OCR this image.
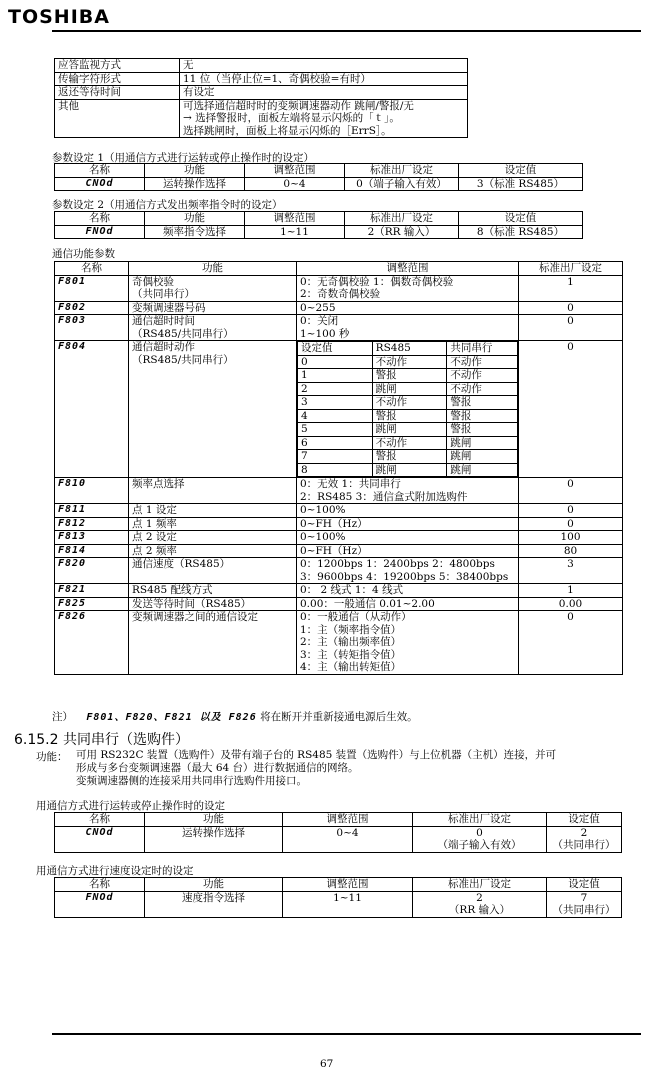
TOSHIBA
应答监视方式	无
传输字符形式	11 位（当停止位=1、奇偶校验=有时）
返还等待时间	有设定
其他	可选择通信超时时的变频调速器动作 跳闸/警报/无
→ 选择警报时，面板左端将显示闪烁的「ｔ」。
选择跳闸时，面板上将显示闪烁的［ErrS］。
参数设定 1（用通信方式进行运转或停止操作时的设定）
名称	功能	调整范围	标准出厂设定	设定值
CNOd	运转操作选择	0~4	0（端子输入有效）	3（标准 RS485）
参数设定 2（用通信方式发出频率指令时的设定）
名称	功能	调整范围	标准出厂设定	设定值
FNOd	频率指令选择	1~11	2（RR 输入）	8（标准 RS485）
通信功能参数
名称	功能	调整范围	标准出厂设定
F801	奇偶校验
（共同串行）	0：无奇偶校验 1：偶数奇偶校验
2：奇数奇偶校验	1
F802	变频调速器号码	0~255	0
F803	通信超时时间
（RS485/共同串行）	0：关闭
1~100 秒	0
F804	通信超时动作
（RS485/共同串行）	
设定值	RS485	共同串行
0	不动作	不动作
1	警报	不动作
2	跳闸	不动作
3	不动作	警报
4	警报	警报
5	跳闸	警报
6	不动作	跳闸
7	警报	跳闸
8	跳闸	跳闸
	0
F810	频率点选择	0：无效 1：共同串行
2：RS485 3：通信盒式附加选购件	0
F811	点 1 设定	0~100%	0
F812	点 1 频率	0~FH（Hz）	0
F813	点 2 设定	0~100%	100
F814	点 2 频率	0~FH（Hz）	80
F820	通信速度（RS485）	0：1200bps 1：2400bps 2：4800bps
3：9600bps 4：19200bps 5：38400bps	3
F821	RS485 配线方式	0： 2 线式 1：4 线式	1
F825	发送等待时间（RS485）	0.00：一般通信 0.01~2.00	0.00
F826	变频调速器之间的通信设定	0：一般通信（从动作）
1：主（频率指令值）
2：主（输出频率值）
3：主（转矩指令值）
4：主（输出转矩值）	0
注） F801、F820、F821 以及 F826 将在断开并重新接通电源后生效。
6.15.2 共同串行（选购件）
功能： 可用 RS232C 装置（选购件）及带有端子台的 RS485 装置（选购件）与上位机器（主机）连接，并可
形成与多台变频调速器（最大 64 台）进行数据通信的网络。
变频调速器侧的连接采用共同串行选购件用接口。
用通信方式进行运转或停止操作时的设定
名称	功能	调整范围	标准出厂设定	设定值
CNOd	运转操作选择	0~4	0
（端子输入有效）	2
（共同串行）
用通信方式进行速度设定时的设定
名称	功能	调整范围	标准出厂设定	设定值
FNOd	速度指令选择	1~11	2
（RR 输入）	7
（共同串行）
67
